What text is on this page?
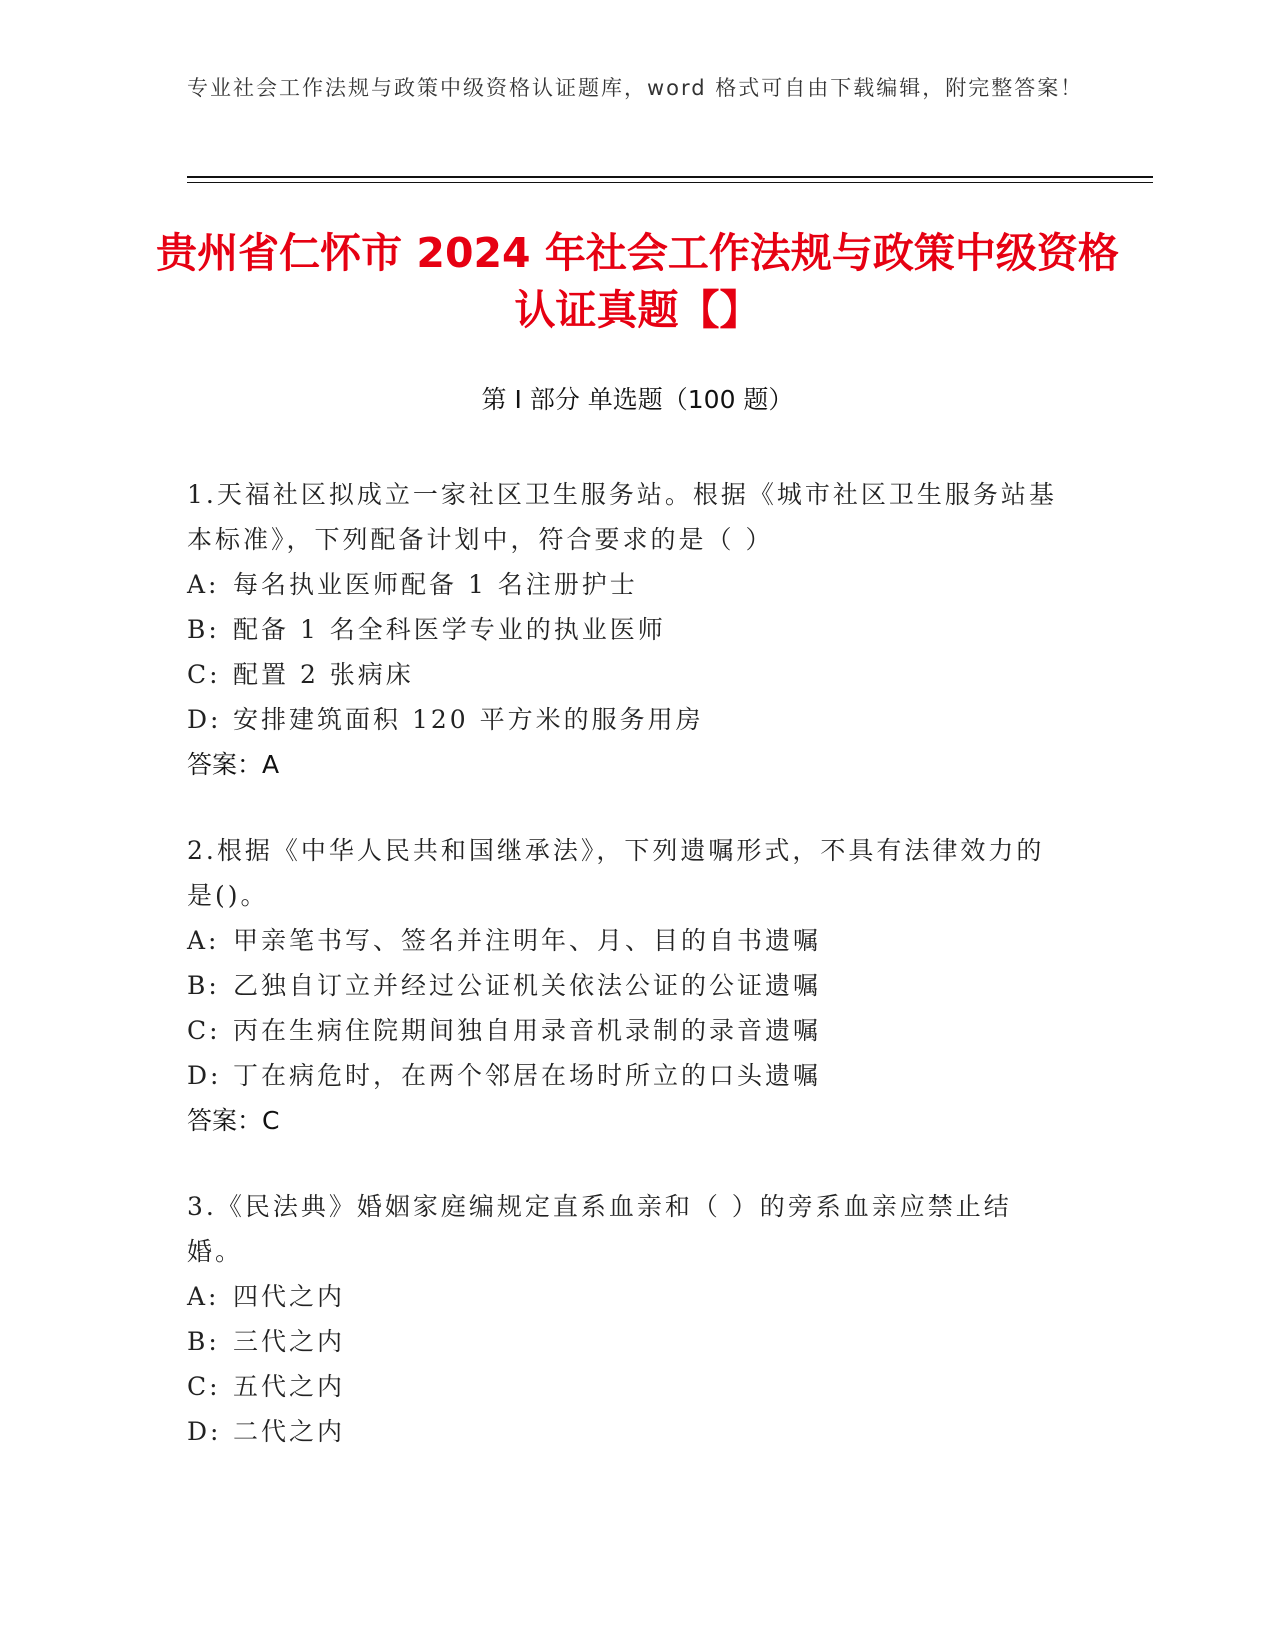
专业社会工作法规与政策中级资格认证题库，word 格式可自由下载编辑，附完整答案！
贵州省仁怀市 2024 年社会工作法规与政策中级资格认证真题【】
第 I 部分 单选题（100 题）
1.天福社区拟成立一家社区卫生服务站。根据《城市社区卫生服务站基本标准》，下列配备计划中，符合要求的是（ ）
A: 每名执业医师配备 1 名注册护士
B: 配备 1 名全科医学专业的执业医师
C: 配置 2 张病床
D: 安排建筑面积 120 平方米的服务用房
答案：A
2.根据《中华人民共和国继承法》，下列遗嘱形式，不具有法律效力的是()。
A: 甲亲笔书写、签名并注明年、月、目的自书遗嘱
B: 乙独自订立并经过公证机关依法公证的公证遗嘱
C: 丙在生病住院期间独自用录音机录制的录音遗嘱
D: 丁在病危时，在两个邻居在场时所立的口头遗嘱
答案：C
3.《民法典》婚姻家庭编规定直系血亲和（ ）的旁系血亲应禁止结婚。
A: 四代之内
B: 三代之内
C: 五代之内
D: 二代之内
